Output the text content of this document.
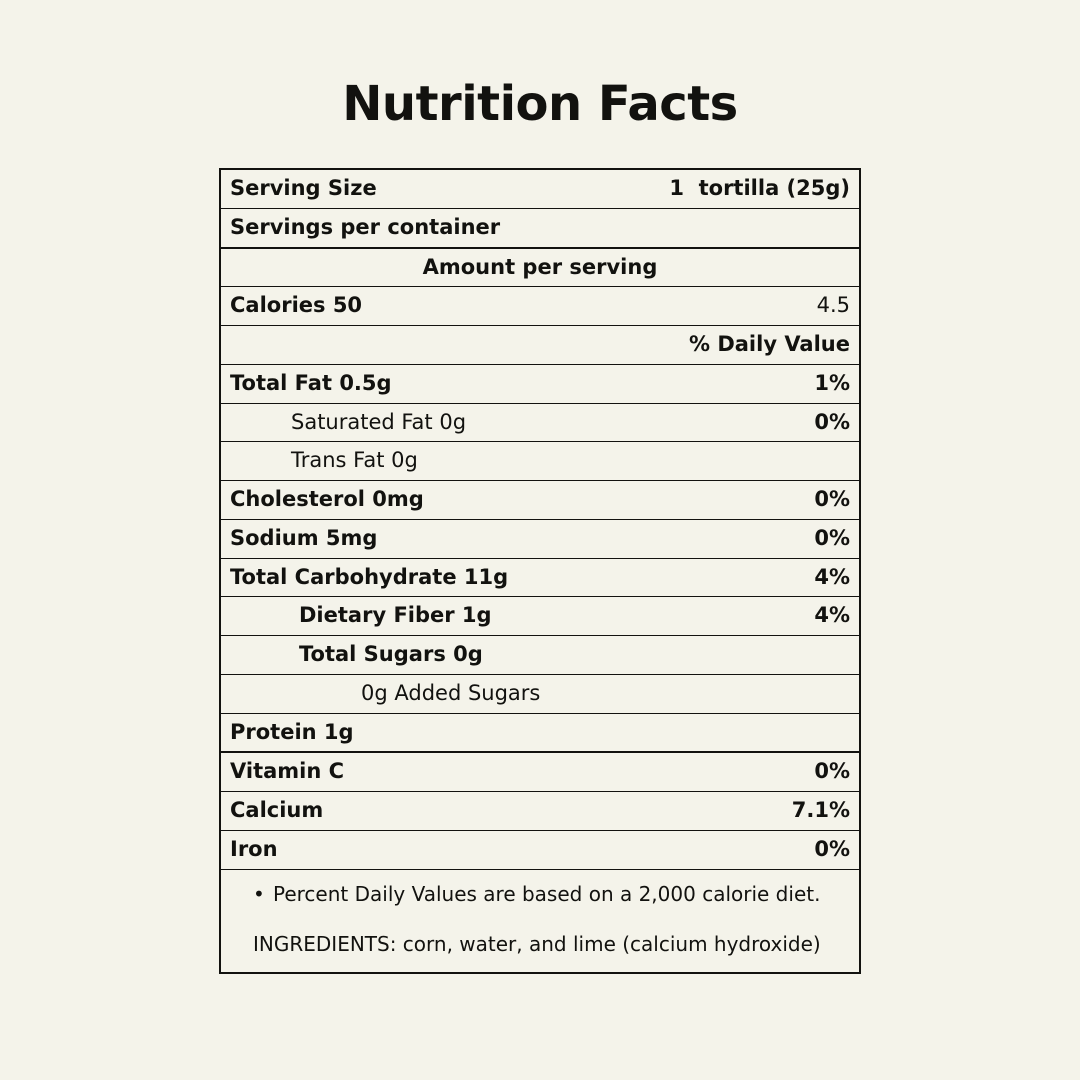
Nutrition Facts
Serving Size	1  tortilla (25g)
Servings per container
Amount per serving
Calories 50	4.5
% Daily Value
Total Fat 0.5g	1%
Saturated Fat 0g	0%
Trans Fat 0g
Cholesterol 0mg	0%
Sodium 5mg	0%
Total Carbohydrate 11g	4%
Dietary Fiber 1g	4%
Total Sugars 0g
0g Added Sugars
Protein 1g
Vitamin C	0%
Calcium	7.1%
Iron	0%
• Percent Daily Values are based on a 2,000 calorie diet.
INGREDIENTS: corn, water, and lime (calcium hydroxide)
